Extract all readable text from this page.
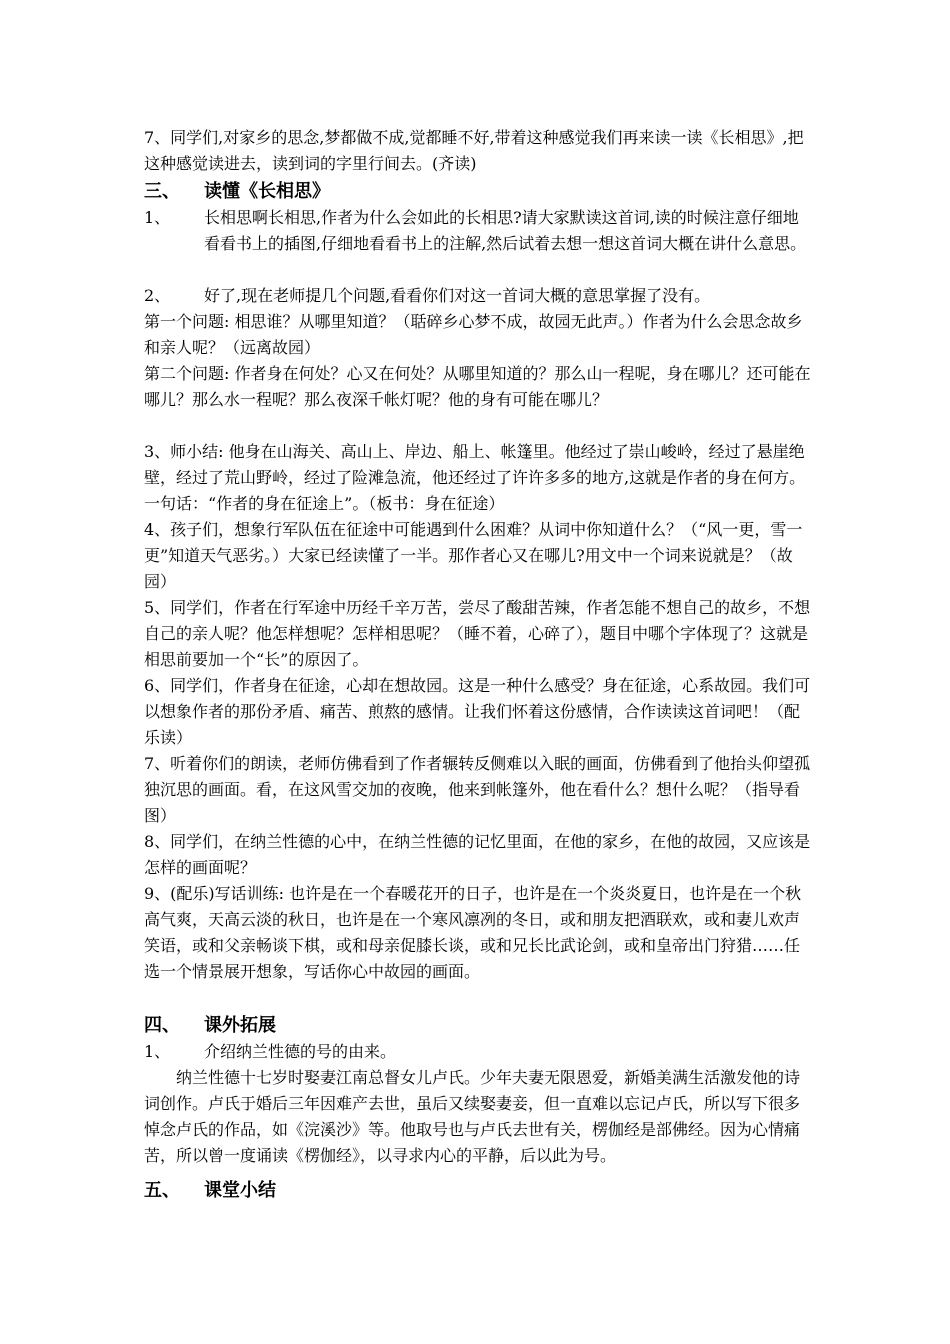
7、同学们,对家乡的思念,梦都做不成,觉都睡不好,带着这种感觉我们再来读一读《长相思》,把这种感觉读进去，读到词的字里行间去。(齐读)

三、 读懂《长相思》
1、 长相思啊长相思,作者为什么会如此的长相思?请大家默读这首词,读的时候注意仔细地看看书上的插图,仔细地看看书上的注解,然后试着去想一想这首词大概在讲什么意思。
2、 好了,现在老师提几个问题,看看你们对这一首词大概的意思掌握了没有。

第一个问题: 相思谁？从哪里知道？（聒碎乡心梦不成，故园无此声。）作者为什么会思念故乡和亲人呢？（远离故园）

第二个问题: 作者身在何处？心又在何处？从哪里知道的？那么山一程呢，身在哪儿？还可能在哪儿？那么水一程呢？那么夜深千帐灯呢？他的身有可能在哪儿？

3、师小结: 他身在山海关、高山上、岸边、船上、帐篷里。他经过了崇山峻岭，经过了悬崖绝壁，经过了荒山野岭，经过了险滩急流，他还经过了许许多多的地方,这就是作者的身在何方。一句话：“作者的身在征途上”。（板书：身在征途）

4、孩子们，想象行军队伍在征途中可能遇到什么困难？从词中你知道什么？（“风一更，雪一更”知道天气恶劣。）大家已经读懂了一半。那作者心又在哪儿?用文中一个词来说就是？（故园）

5、同学们，作者在行军途中历经千辛万苦，尝尽了酸甜苦辣，作者怎能不想自己的故乡，不想自己的亲人呢？他怎样想呢？怎样相思呢？（睡不着，心碎了），题目中哪个字体现了？这就是相思前要加一个“长”的原因了。

6、同学们，作者身在征途，心却在想故园。这是一种什么感受？身在征途，心系故园。我们可以想象作者的那份矛盾、痛苦、煎熬的感情。让我们怀着这份感情，合作读读这首词吧！（配乐读）

7、听着你们的朗读，老师仿佛看到了作者辗转反侧难以入眠的画面，仿佛看到了他抬头仰望孤独沉思的画面。看，在这风雪交加的夜晚，他来到帐篷外，他在看什么？想什么呢？（指导看图）

8、同学们，在纳兰性德的心中，在纳兰性德的记忆里面，在他的家乡，在他的故园，又应该是怎样的画面呢？

9、(配乐)写话训练: 也许是在一个春暖花开的日子，也许是在一个炎炎夏日，也许是在一个秋高气爽，天高云淡的秋日，也许是在一个寒风凛冽的冬日，或和朋友把酒联欢，或和妻儿欢声笑语，或和父亲畅谈下棋，或和母亲促膝长谈，或和兄长比武论剑，或和皇帝出门狩猎……任选一个情景展开想象，写话你心中故园的画面。

四、 课外拓展
1、 介绍纳兰性德的号的由来。

纳兰性德十七岁时娶妻江南总督女儿卢氏。少年夫妻无限恩爱，新婚美满生活激发他的诗词创作。卢氏于婚后三年因难产去世，虽后又续娶妻妾，但一直难以忘记卢氏，所以写下很多悼念卢氏的作品，如《浣溪沙》等。他取号也与卢氏去世有关，楞伽经是部佛经。因为心情痛苦，所以曾一度诵读《楞伽经》，以寻求内心的平静，后以此为号。

五、 课堂小结
